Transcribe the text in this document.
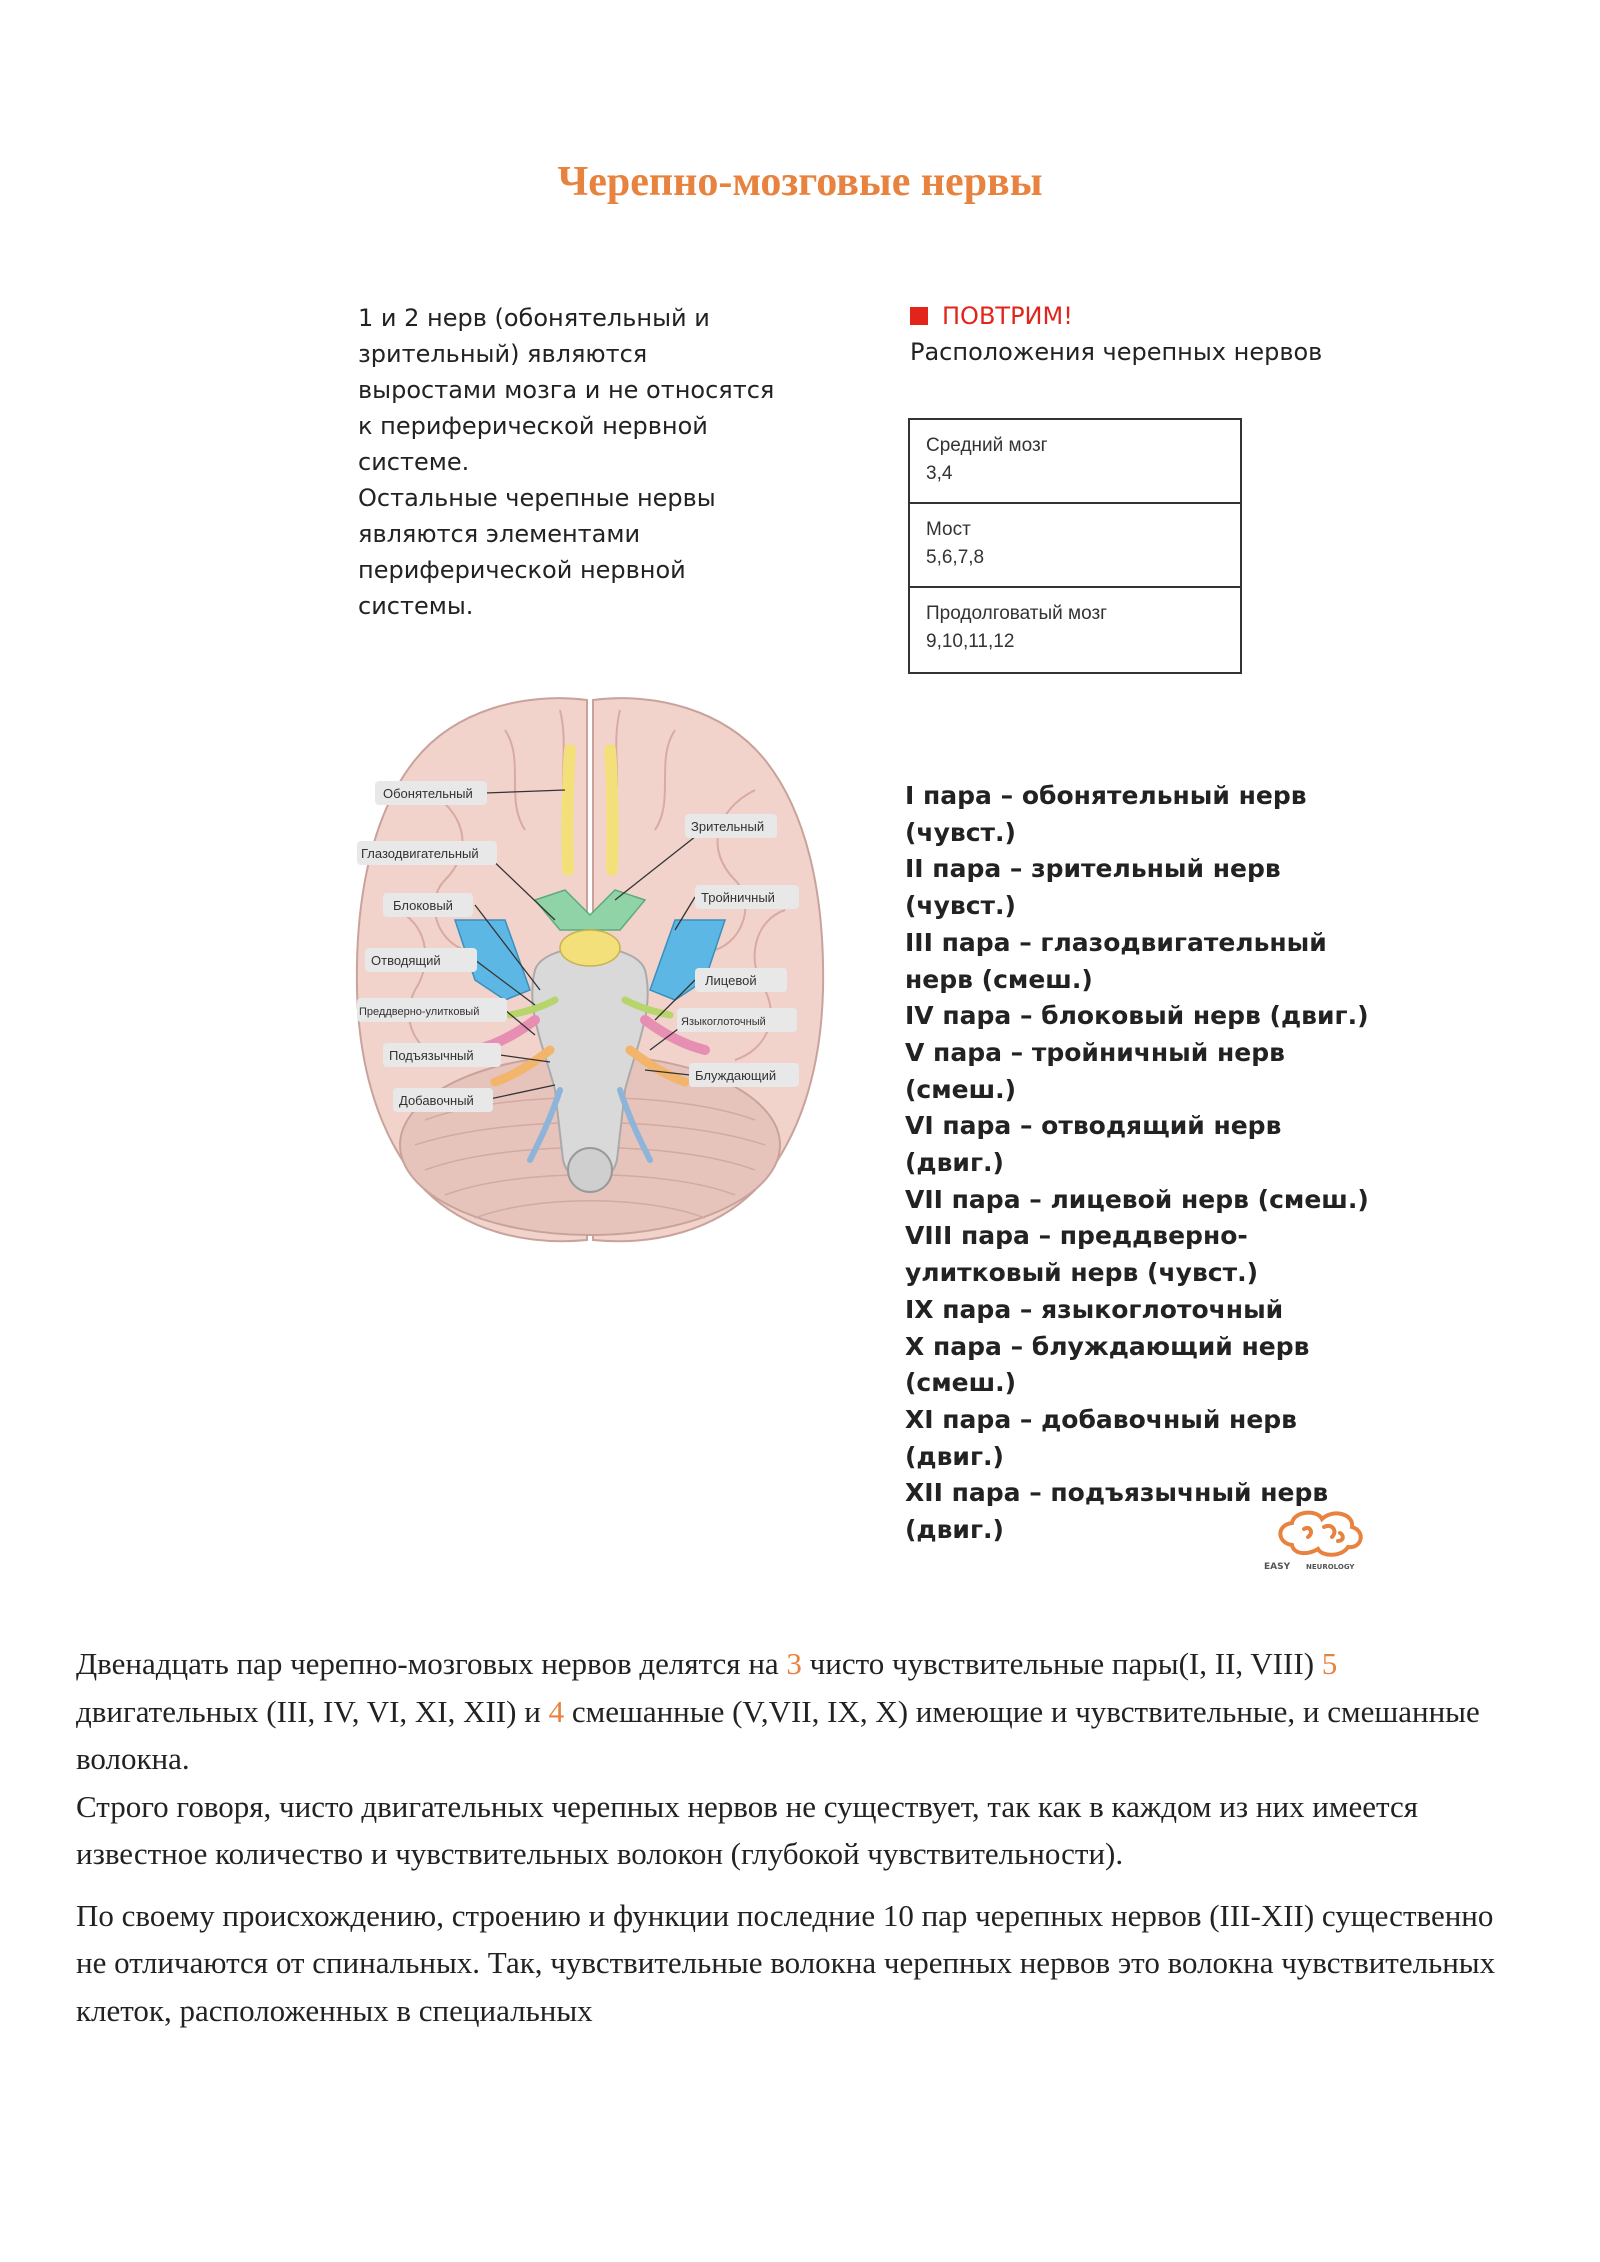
Черепно-мозговые нервы

1 и 2 нерв (обонятельный и

зрительный) являются

выростами мозга и не относятся

к периферической нервной

системе.

Остальные черепные нервы

являются элементами

периферической нервной

системы.

ПОВТРИМ!
Расположения черепных нервов
Средний мозг
3,4
Мост
5,6,7,8
Продолговатый мозг
9,10,11,12
Обонятельный
Зрительный
Глазодвигательный
Блоковый
Тройничный
Отводящий
Лицевой
Преддверно-улитковый
Языкоглоточный
Подъязычный
Блуждающий
Добавочный
I пара – обонятельный нерв
(чувст.)
II пара – зрительный нерв
(чувст.)
III пара – глазодвигательный
нерв (смеш.)
IV пара – блоковый нерв (двиг.)
V пара – тройничный нерв
(смеш.)
VI пара – отводящий нерв
(двиг.)
VII пара – лицевой нерв (смеш.)
VIII пара – преддверно-
улитковый нерв (чувст.)
IX пара – языкоглоточный
X пара – блуждающий нерв
(смеш.)
XI пара – добавочный нерв
(двиг.)
XII пара – подъязычный нерв
(двиг.)
EASY NEUROLOGY

Двенадцать пар черепно-мозговых нервов делятся на 3 чисто чувствительные пары(I, II, VIII) 5 двигательных (III, IV, VI, XI, XII) и 4 смешанные (V,VII, IX, X) имеющие и чувствительные, и смешанные волокна.

Строго говоря, чисто двигательных черепных нервов не существует, так как в каждом из них имеется известное количество и чувствительных волокон (глубокой чувствительности).

По своему происхождению, строению и функции последние 10 пар черепных нервов (III-XII) существенно не отличаются от спинальных. Так, чувствительные волокна черепных нервов это волокна чувствительных клеток, расположенных в специальных
